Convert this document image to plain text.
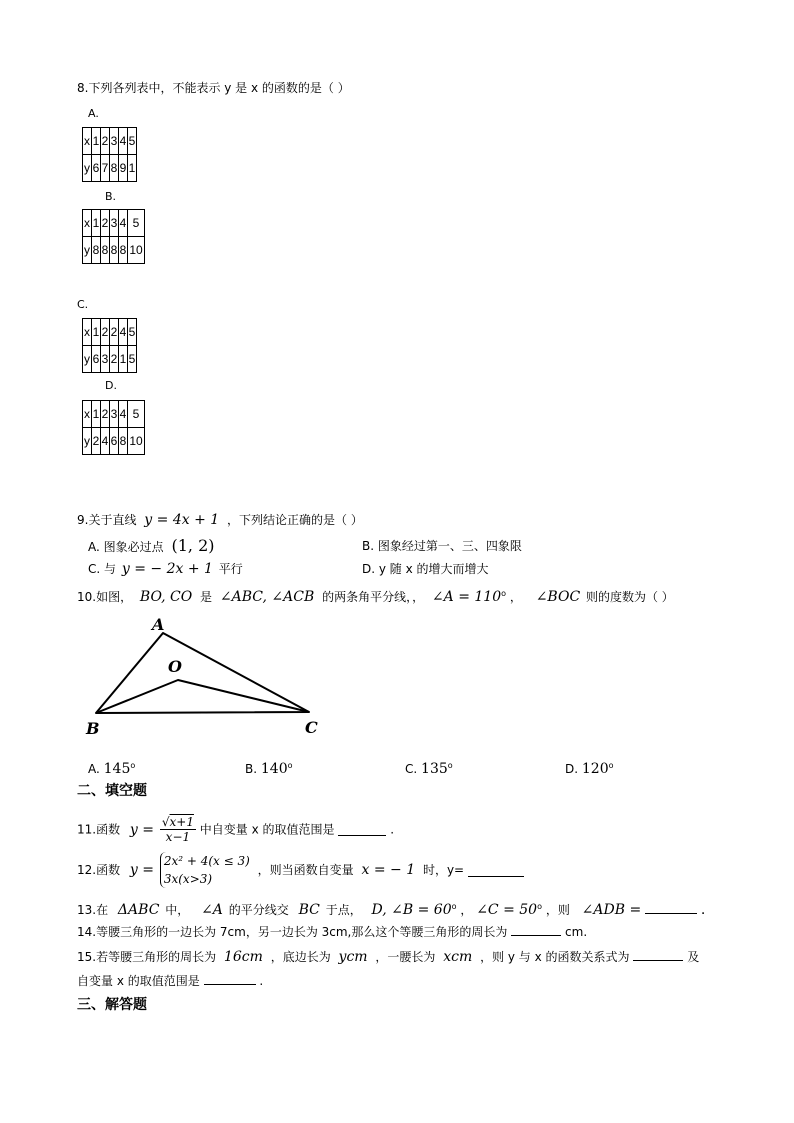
8.下列各列表中，不能表示 y 是 x 的函数的是（ ）
A.
x	1	2	3	4	5
y	6	7	8	9	1
B.
x	1	2	3	4	5
y	8	8	8	8	10
C.
x	1	2	2	4	5
y	6	3	2	1	5
D.
x	1	2	3	4	5
y	2	4	6	8	10
9.关于直线 y = 4x + 1 ，下列结论正确的是（ ）
A. 图象必过点 (1, 2)	B. 图象经过第一、三、四象限
C. 与 y = − 2x + 1 平行	D. y 随 x 的增大而增大
10.如图， BO, CO 是 ∠ABC, ∠ACB 的两条角平分线，， ∠A = $110^o$ ， ∠BOC 则的度数为（ ）
A
O
B	C
A. 145$^o$	B. 140$^o$	C. 135$^o$	D. 120$^o$
二、填空题
11.函数 $y = \frac{√x+1}{x-1}$ 中自变量 x 的取值范围是	.
12.函数 y =
2x² + 4(x ≤ 3)
3x(x>3)
，则当函数自变量 x = − 1 时，y=
13.在 ΔABC 中， ∠A 的平分线交 BC 于点， D, ∠B = $60^o$ ， ∠C = $50^o$ ，则 ∠ADB =	.
14.等腰三角形的一边长为 7cm，另一边长为 3cm,那么这个等腰三角形的周长为	cm.
15.若等腰三角形的周长为 16cm ，底边长为 ycm ，一腰长为 xcm ，则 y 与 x 的函数关系式为	及
自变量 x 的取值范围是	.
三、解答题
